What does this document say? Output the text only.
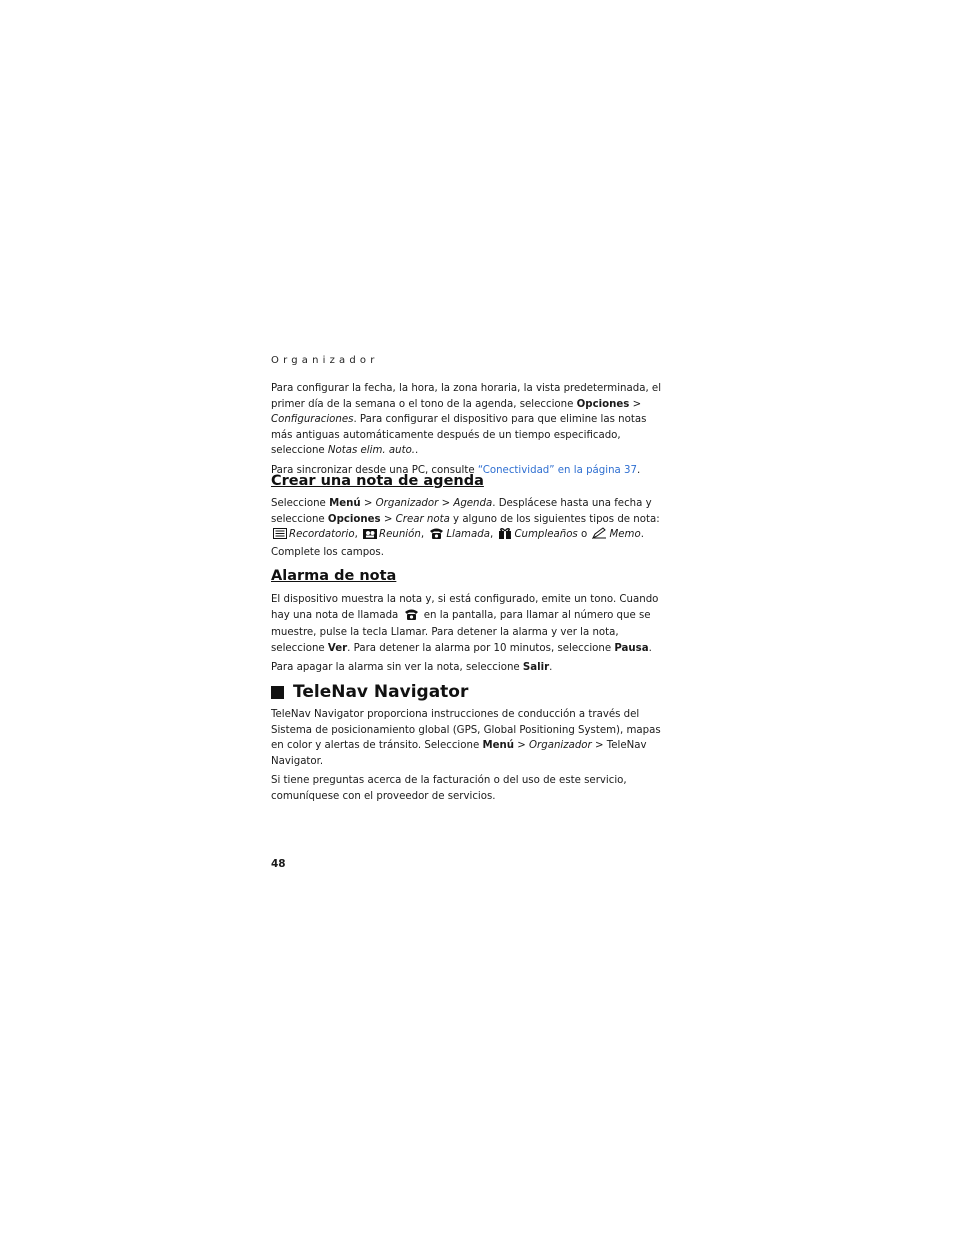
Organizador

Para configurar la fecha, la hora, la zona horaria, la vista predeterminada, el primer día de la semana o el tono de la agenda, seleccione Opciones > Configuraciones. Para configurar el dispositivo para que elimine las notas más antiguas automáticamente después de un tiempo especificado, seleccione Notas elim. auto..

Para sincronizar desde una PC, consulte “Conectividad” en la página 37.

Crear una nota de agenda

Seleccione Menú > Organizador > Agenda. Desplácese hasta una fecha y seleccione Opciones > Crear nota y alguno de los siguientes tipos de nota: Recordatorio, Reunión, Llamada, Cumpleaños o Memo. Complete los campos.

Alarma de nota

El dispositivo muestra la nota y, si está configurado, emite un tono. Cuando hay una nota de llamada  en la pantalla, para llamar al número que se muestre, pulse la tecla Llamar. Para detener la alarma y ver la nota, seleccione Ver. Para detener la alarma por 10 minutos, seleccione Pausa.

Para apagar la alarma sin ver la nota, seleccione Salir.

TeleNav Navigator

TeleNav Navigator proporciona instrucciones de conducción a través del Sistema de posicionamiento global (GPS, Global Positioning System), mapas en color y alertas de tránsito. Seleccione Menú > Organizador > TeleNav Navigator.

Si tiene preguntas acerca de la facturación o del uso de este servicio, comuníquese con el proveedor de servicios.

48
